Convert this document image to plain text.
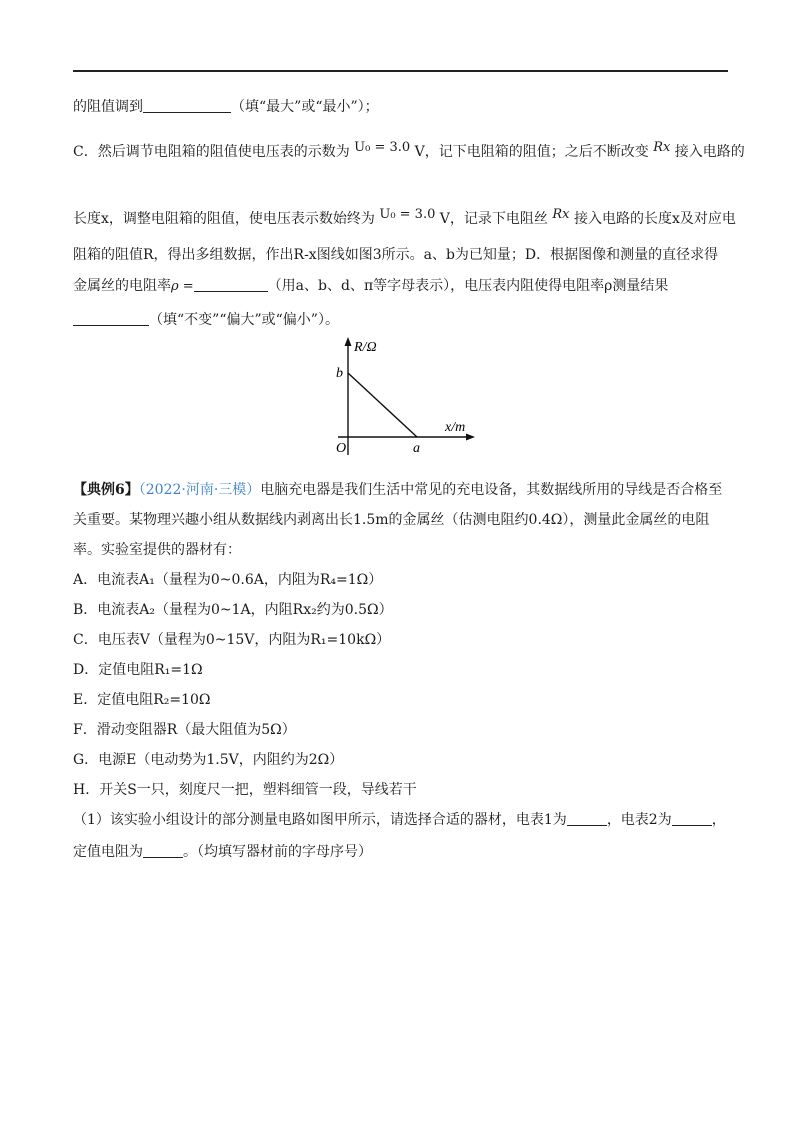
的阻值调到	（填“最大”或“最小”）；
C．然后调节电阻箱的阻值使电压表的示数为 U₀ = 3.0 V，记下电阻箱的阻值；之后不断改变 Rx 接入电路的
长度x，调整电阻箱的阻值，使电压表示数始终为 U₀ = 3.0 V，记录下电阻丝 Rx 接入电路的长度x及对应电
阻箱的阻值R，得出多组数据，作出R-x图线如图3所示。a、b为已知量；D．根据图像和测量的直径求得
金属丝的电阻率ρ =	（用a、b、d、π等字母表示），电压表内阻使得电阻率ρ测量结果
（填“不变”“偏大”或“偏小”）。
R/Ω
x/m
O
b
a
【典例6】（2022·河南·三模）电脑充电器是我们生活中常见的充电设备，其数据线所用的导线是否合格至
关重要。某物理兴趣小组从数据线内剥离出长1.5m的金属丝（估测电阻约0.4Ω），测量此金属丝的电阻
率。实验室提供的器材有：
A．电流表A₁（量程为0~0.6A，内阻为R₄=1Ω）
B．电流表A₂（量程为0~1A，内阻Rx₂约为0.5Ω）
C．电压表V（量程为0~15V，内阻为R₁=10kΩ）
D．定值电阻R₁=1Ω
E．定值电阻R₂=10Ω
F．滑动变阻器R（最大阻值为5Ω）
G．电源E（电动势为1.5V，内阻约为2Ω）
H．开关S一只，刻度尺一把，塑料细管一段，导线若干
（1）该实验小组设计的部分测量电路如图甲所示，请选择合适的器材，电表1为	，电表2为	，
定值电阻为	。（均填写器材前的字母序号）
